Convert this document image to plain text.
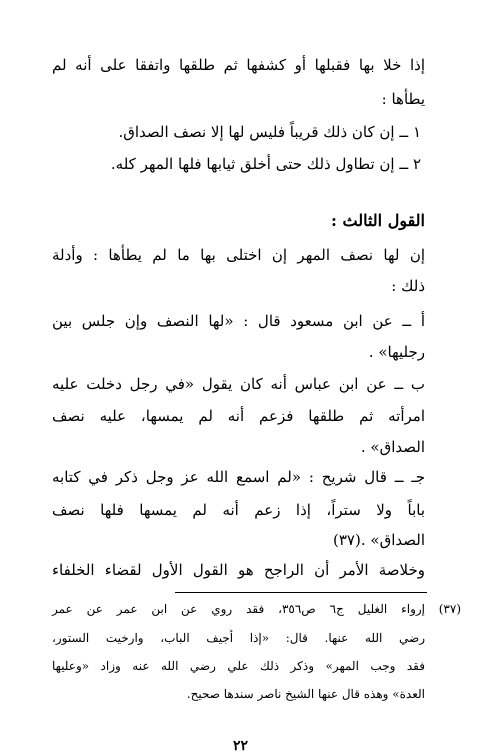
إذا خلا بها فقبلها أو كشفها ثم طلقها واتفقا على أنه لم
يطأها :
١ ــ إن كان ذلك قريباً فليس لها إلا نصف الصداق.
٢ ــ إن تطاول ذلك حتى أخلق ثيابها فلها المهر كله.
القول الثالث :
إن لها نصف المهر إن اختلى بها ما لم يطأها : وأدلة
ذلك :
أ ــ عن ابن مسعود قال : «لها النصف وإن جلس بين
رجليها» .
ب ــ عن ابن عباس أنه كان يقول «في رجل دخلت عليه
امرأته ثم طلقها فزعم أنه لم يمسها، عليه نصف
الصداق» .
جـ ــ قال شريح : «لم اسمع الله عز وجل ذكر في كتابه
باباً ولا ستراً، إذا زعم أنه لم يمسها فلها نصف
الصداق» .(٣٧)
وخلاصة الأمر أن الراجح هو القول الأول لقضاء الخلفاء
(٣٧)
إرواء الغليل ج٦ ص٣٥٦، فقد روي عن ابن عمر عن عمر
رضي الله عنها. قال: «إذا أجيف الباب، وارخيت الستور،
فقد وجب المهر» وذكر ذلك علي رضي الله عنه وزاد «وعليها
العدة» وهذه قال عنها الشيخ ناصر سندها صحيح.
٢٢
